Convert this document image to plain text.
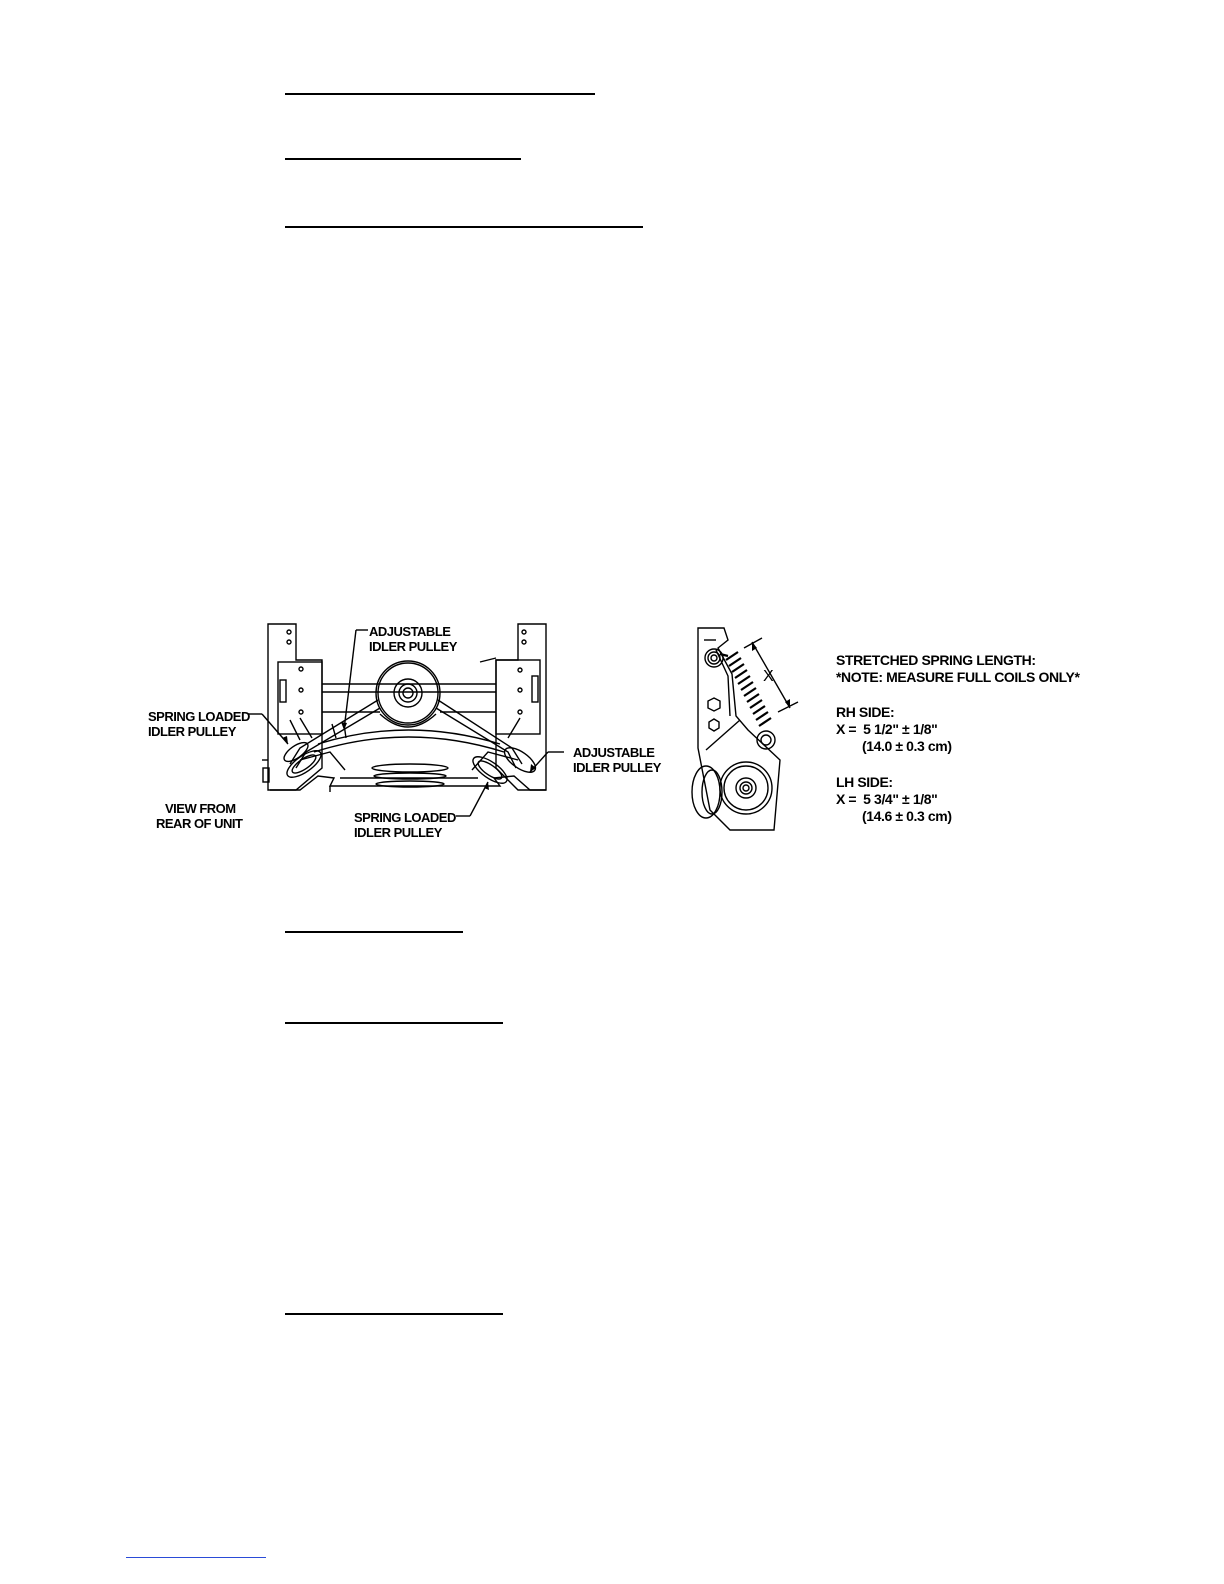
ADJUSTABLE
IDLER PULLEY
SPRING LOADED
IDLER PULLEY
ADJUSTABLE
IDLER PULLEY
VIEW FROM
REAR OF UNIT	SPRING LOADED
IDLER PULLEY
X
STRETCHED SPRING LENGTH:
*NOTE: MEASURE FULL COILS ONLY*
RH SIDE:
X =  5 1/2" ± 1/8"
(14.0 ± 0.3 cm)
LH SIDE:
X =  5 3/4" ± 1/8"
(14.6 ± 0.3 cm)
